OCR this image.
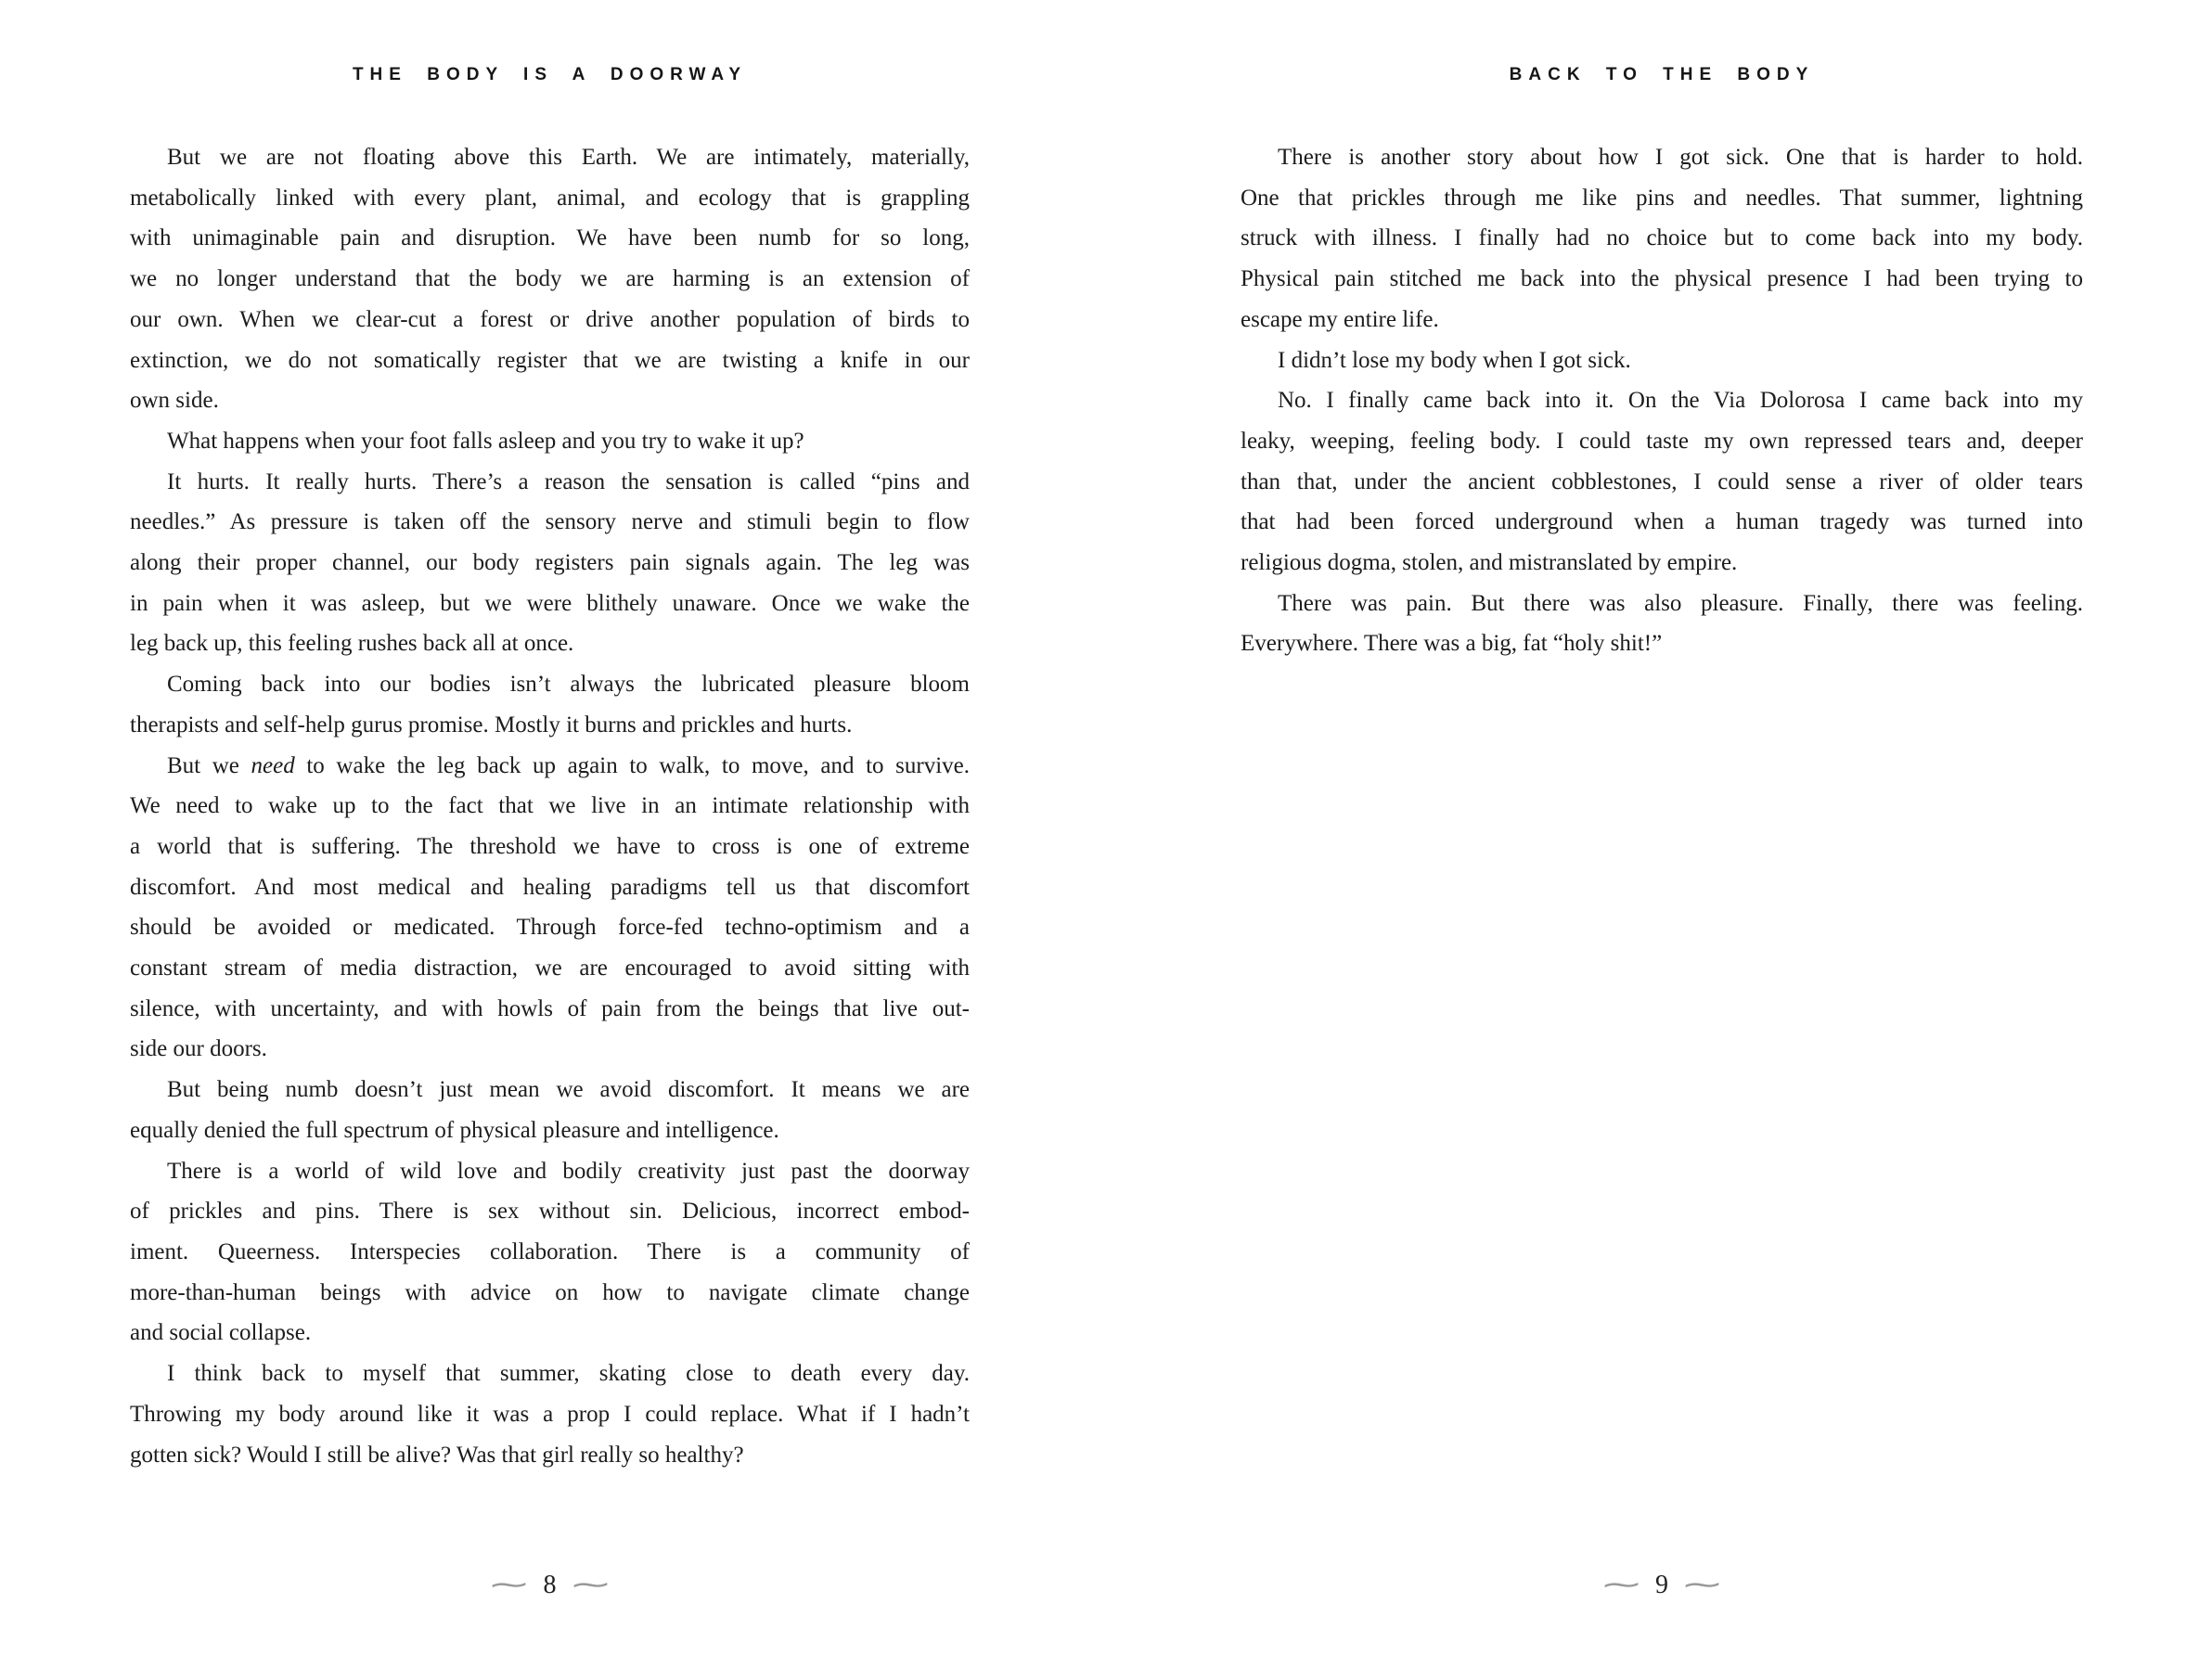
THE BODY IS A DOORWAY
But we are not floating above this Earth. We are intimately, materially,
metabolically linked with every plant, animal, and ecology that is grappling
with unimaginable pain and disruption. We have been numb for so long,
we no longer understand that the body we are harming is an extension of
our own. When we clear-cut a forest or drive another population of birds to
extinction, we do not somatically register that we are twisting a knife in our
own side.
What happens when your foot falls asleep and you try to wake it up?
It hurts. It really hurts. There’s a reason the sensation is called “pins and
needles.” As pressure is taken off the sensory nerve and stimuli begin to flow
along their proper channel, our body registers pain signals again. The leg was
in pain when it was asleep, but we were blithely unaware. Once we wake the
leg back up, this feeling rushes back all at once.
Coming back into our bodies isn’t always the lubricated pleasure bloom
therapists and self-help gurus promise. Mostly it burns and prickles and hurts.
But we need to wake the leg back up again to walk, to move, and to survive.
We need to wake up to the fact that we live in an intimate relationship with
a world that is suffering. The threshold we have to cross is one of extreme
discomfort. And most medical and healing paradigms tell us that discomfort
should be avoided or medicated. Through force-fed techno-optimism and a
constant stream of media distraction, we are encouraged to avoid sitting with
silence, with uncertainty, and with howls of pain from the beings that live out-
side our doors.
But being numb doesn’t just mean we avoid discomfort. It means we are
equally denied the full spectrum of physical pleasure and intelligence.
There is a world of wild love and bodily creativity just past the doorway
of prickles and pins. There is sex without sin. Delicious, incorrect embod-
iment. Queerness. Interspecies collaboration. There is a community of
more-than-human beings with advice on how to navigate climate change
and social collapse.
I think back to myself that summer, skating close to death every day.
Throwing my body around like it was a prop I could replace. What if I hadn’t
gotten sick? Would I still be alive? Was that girl really so healthy?
∼ 8 ∼
BACK TO THE BODY
There is another story about how I got sick. One that is harder to hold.
One that prickles through me like pins and needles. That summer, lightning
struck with illness. I finally had no choice but to come back into my body.
Physical pain stitched me back into the physical presence I had been trying to
escape my entire life.
I didn’t lose my body when I got sick.
No. I finally came back into it. On the Via Dolorosa I came back into my
leaky, weeping, feeling body. I could taste my own repressed tears and, deeper
than that, under the ancient cobblestones, I could sense a river of older tears
that had been forced underground when a human tragedy was turned into
religious dogma, stolen, and mistranslated by empire.
There was pain. But there was also pleasure. Finally, there was feeling.
Everywhere. There was a big, fat “holy shit!”
∼ 9 ∼
